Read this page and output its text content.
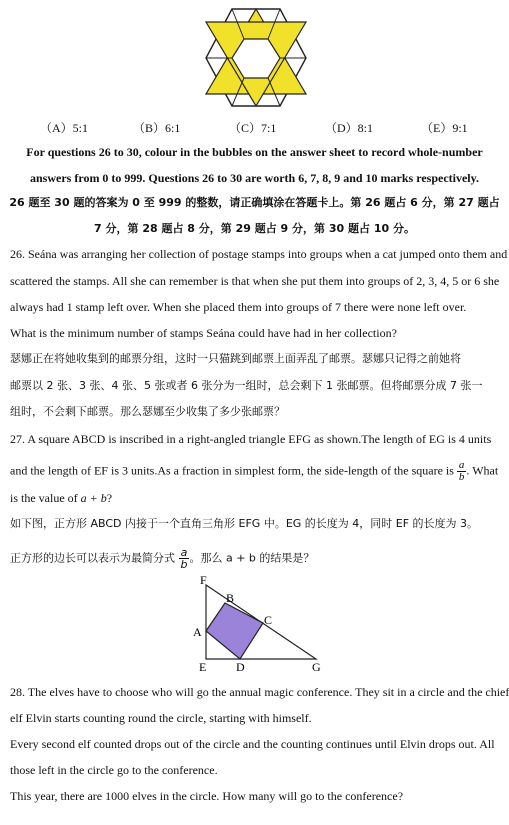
（A）5:1	（B）6:1	（C）7:1	（D）8:1	（E）9:1
For questions 26 to 30, colour in the bubbles on the answer sheet to record whole-number
answers from 0 to 999. Questions 26 to 30 are worth 6, 7, 8, 9 and 10 marks respectively.
26 题至 30 题的答案为 0 至 999 的整数，请正确填涂在答题卡上。第 26 题占 6 分，第 27 题占
7 分，第 28 题占 8 分，第 29 题占 9 分，第 30 题占 10 分。
26. Seána was arranging her collection of postage stamps into groups when a cat jumped onto them and
scattered the stamps. All she can remember is that when she put them into groups of 2, 3, 4, 5 or 6 she
always had 1 stamp left over. When she placed them into groups of 7 there were none left over.
What is the minimum number of stamps Seána could have had in her collection?
瑟娜正在将她收集到的邮票分组，这时一只猫跳到邮票上面弄乱了邮票。瑟娜只记得之前她将
邮票以 2 张、3 张、4 张、5 张或者 6 张分为一组时，总会剩下 1 张邮票。但将邮票分成 7 张一
组时，不会剩下邮票。那么瑟娜至少收集了多少张邮票？
27. A square ABCD is inscribed in a right-angled triangle EFG as shown.The length of EG is 4 units
and the length of EF is 3 units.As a fraction in simplest form, the side-length of the square is $\frac{a}{b}$ . What
is the value of a + b?
如下图，正方形 ABCD 内接于一个直角三角形 EFG 中。EG 的长度为 4，同时 EF 的长度为 3。
正方形的边长可以表示为最简分式 $\frac{a}{b}$ 。那么 a + b 的结果是？
F
B
C
A
E D	G
28. The elves have to choose who will go the annual magic conference. They sit in a circle and the chief
elf Elvin starts counting round the circle, starting with himself.
Every second elf counted drops out of the circle and the counting continues until Elvin drops out. All
those left in the circle go to the conference.
This year, there are 1000 elves in the circle. How many will go to the conference?
